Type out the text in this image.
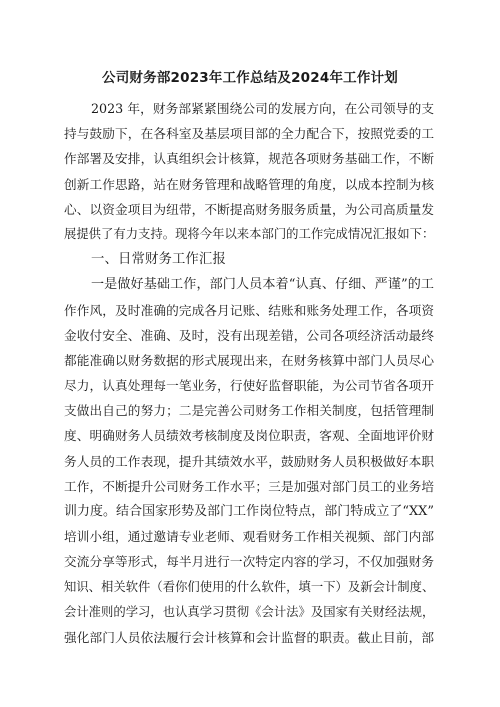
公司财务部2023年工作总结及2024年工作计划
2023 年，财务部紧紧围绕公司的发展方向，在公司领导的支
持与鼓励下，在各科室及基层项目部的全力配合下，按照党委的工
作部署及安排，认真组织会计核算，规范各项财务基础工作，不断
创新工作思路，站在财务管理和战略管理的角度，以成本控制为核
心、以资金项目为纽带，不断提高财务服务质量，为公司高质量发
展提供了有力支持。现将今年以来本部门的工作完成情况汇报如下：
一、日常财务工作汇报
一是做好基础工作，部门人员本着“认真、仔细、严谨”的工
作作风，及时准确的完成各月记账、结账和账务处理工作，各项资
金收付安全、准确、及时，没有出现差错，公司各项经济活动最终
都能准确以财务数据的形式展现出来，在财务核算中部门人员尽心
尽力，认真处理每一笔业务，行使好监督职能，为公司节省各项开
支做出自己的努力；二是完善公司财务工作相关制度，包括管理制
度、明确财务人员绩效考核制度及岗位职责，客观、全面地评价财
务人员的工作表现，提升其绩效水平，鼓励财务人员积极做好本职
工作，不断提升公司财务工作水平；三是加强对部门员工的业务培
训力度。结合国家形势及部门工作岗位特点，部门特成立了“XX”
培训小组，通过邀请专业老师、观看财务工作相关视频、部门内部
交流分享等形式，每半月进行一次特定内容的学习，不仅加强财务
知识、相关软件（看你们使用的什么软件，填一下）及新会计制度、
会计准则的学习，也认真学习贯彻《会计法》及国家有关财经法规，
强化部门人员依法履行会计核算和会计监督的职责。截止目前，部
